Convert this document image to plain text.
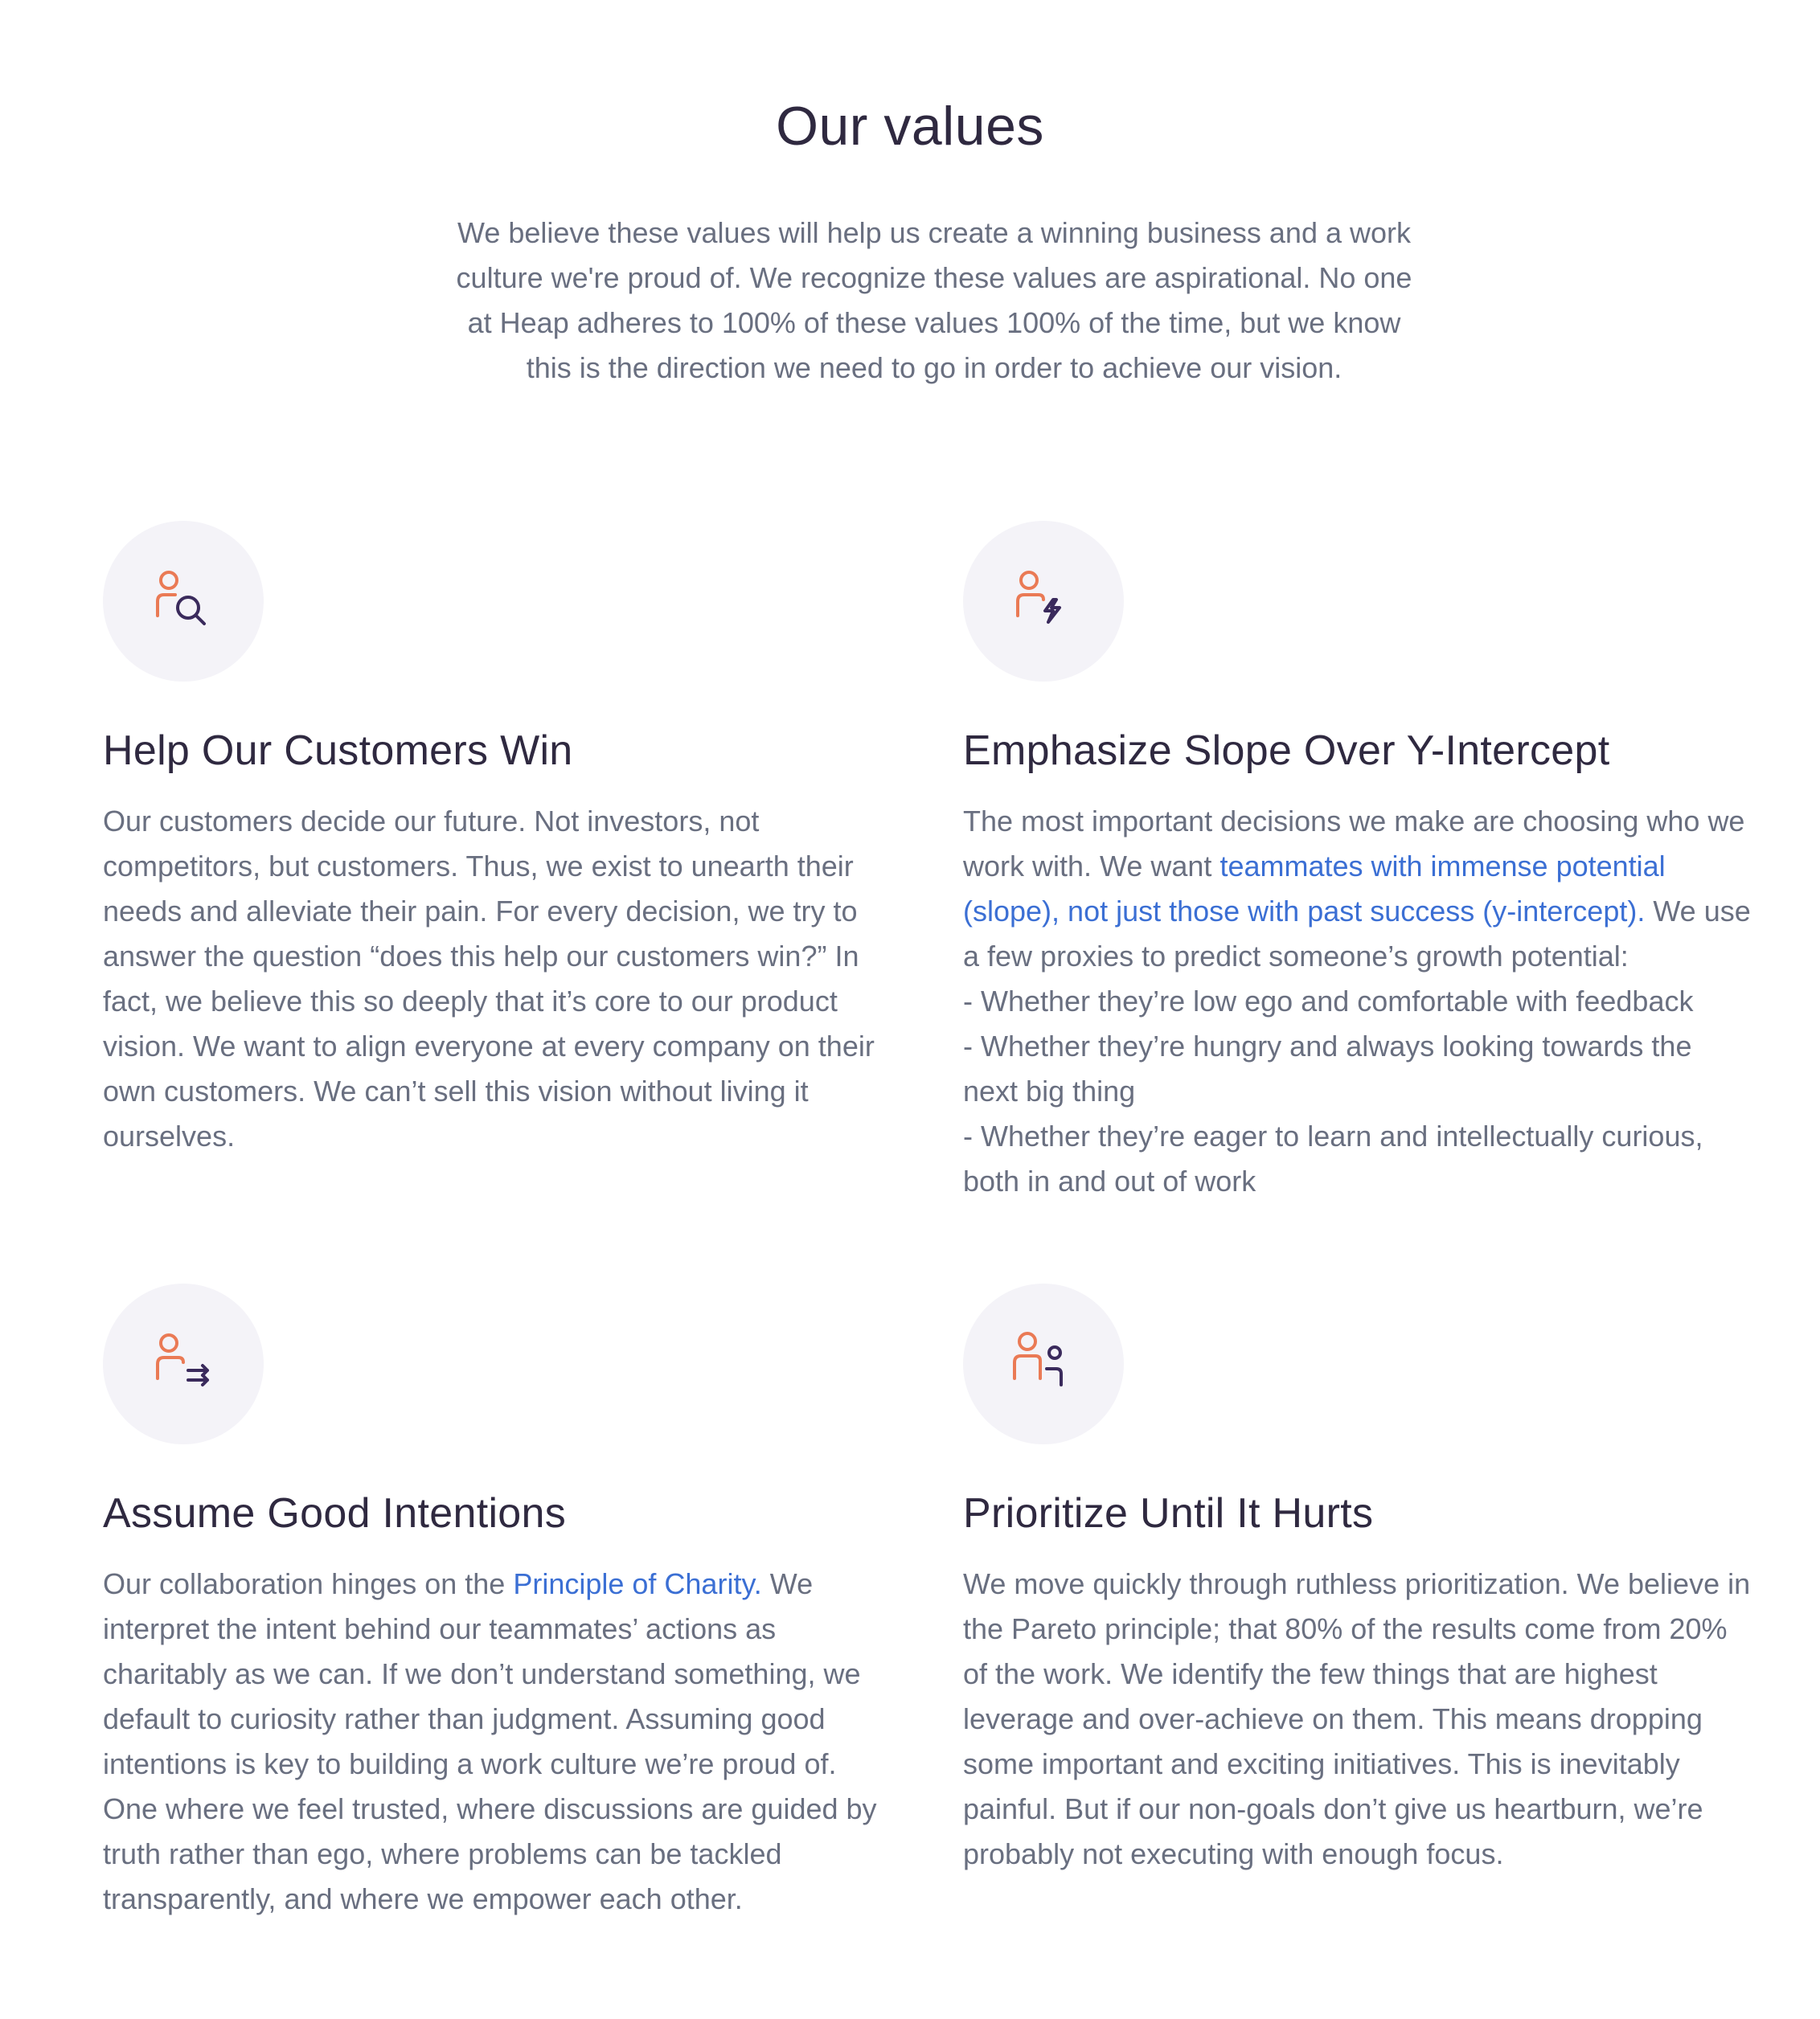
Our values

We believe these values will help us create a winning business and a work culture we're proud of. We recognize these values are aspirational. No one at Heap adheres to 100% of these values 100% of the time, but we know this is the direction we need to go in order to achieve our vision.

Help Our Customers Win

Our customers decide our future. Not investors, not competitors, but customers. Thus, we exist to unearth their needs and alleviate their pain. For every decision, we try to answer the question “does this help our customers win?” In fact, we believe this so deeply that it’s core to our product vision. We want to align everyone at every company on their own customers. We can’t sell this vision without living it ourselves.

Emphasize Slope Over Y-Intercept

The most important decisions we make are choosing who we work with. We want teammates with immense potential (slope), not just those with past success (y-intercept). We use a few proxies to predict someone’s growth potential:
- Whether they’re low ego and comfortable with feedback
- Whether they’re hungry and always looking towards the next big thing
- Whether they’re eager to learn and intellectually curious, both in and out of work

Assume Good Intentions

Our collaboration hinges on the Principle of Charity. We interpret the intent behind our teammates’ actions as charitably as we can. If we don’t understand something, we default to curiosity rather than judgment. Assuming good intentions is key to building a work culture we’re proud of. One where we feel trusted, where discussions are guided by truth rather than ego, where problems can be tackled transparently, and where we empower each other.

Prioritize Until It Hurts

We move quickly through ruthless prioritization. We believe in the Pareto principle; that 80% of the results come from 20% of the work. We identify the few things that are highest leverage and over-achieve on them. This means dropping some important and exciting initiatives. This is inevitably painful. But if our non-goals don’t give us heartburn, we’re probably not executing with enough focus.
